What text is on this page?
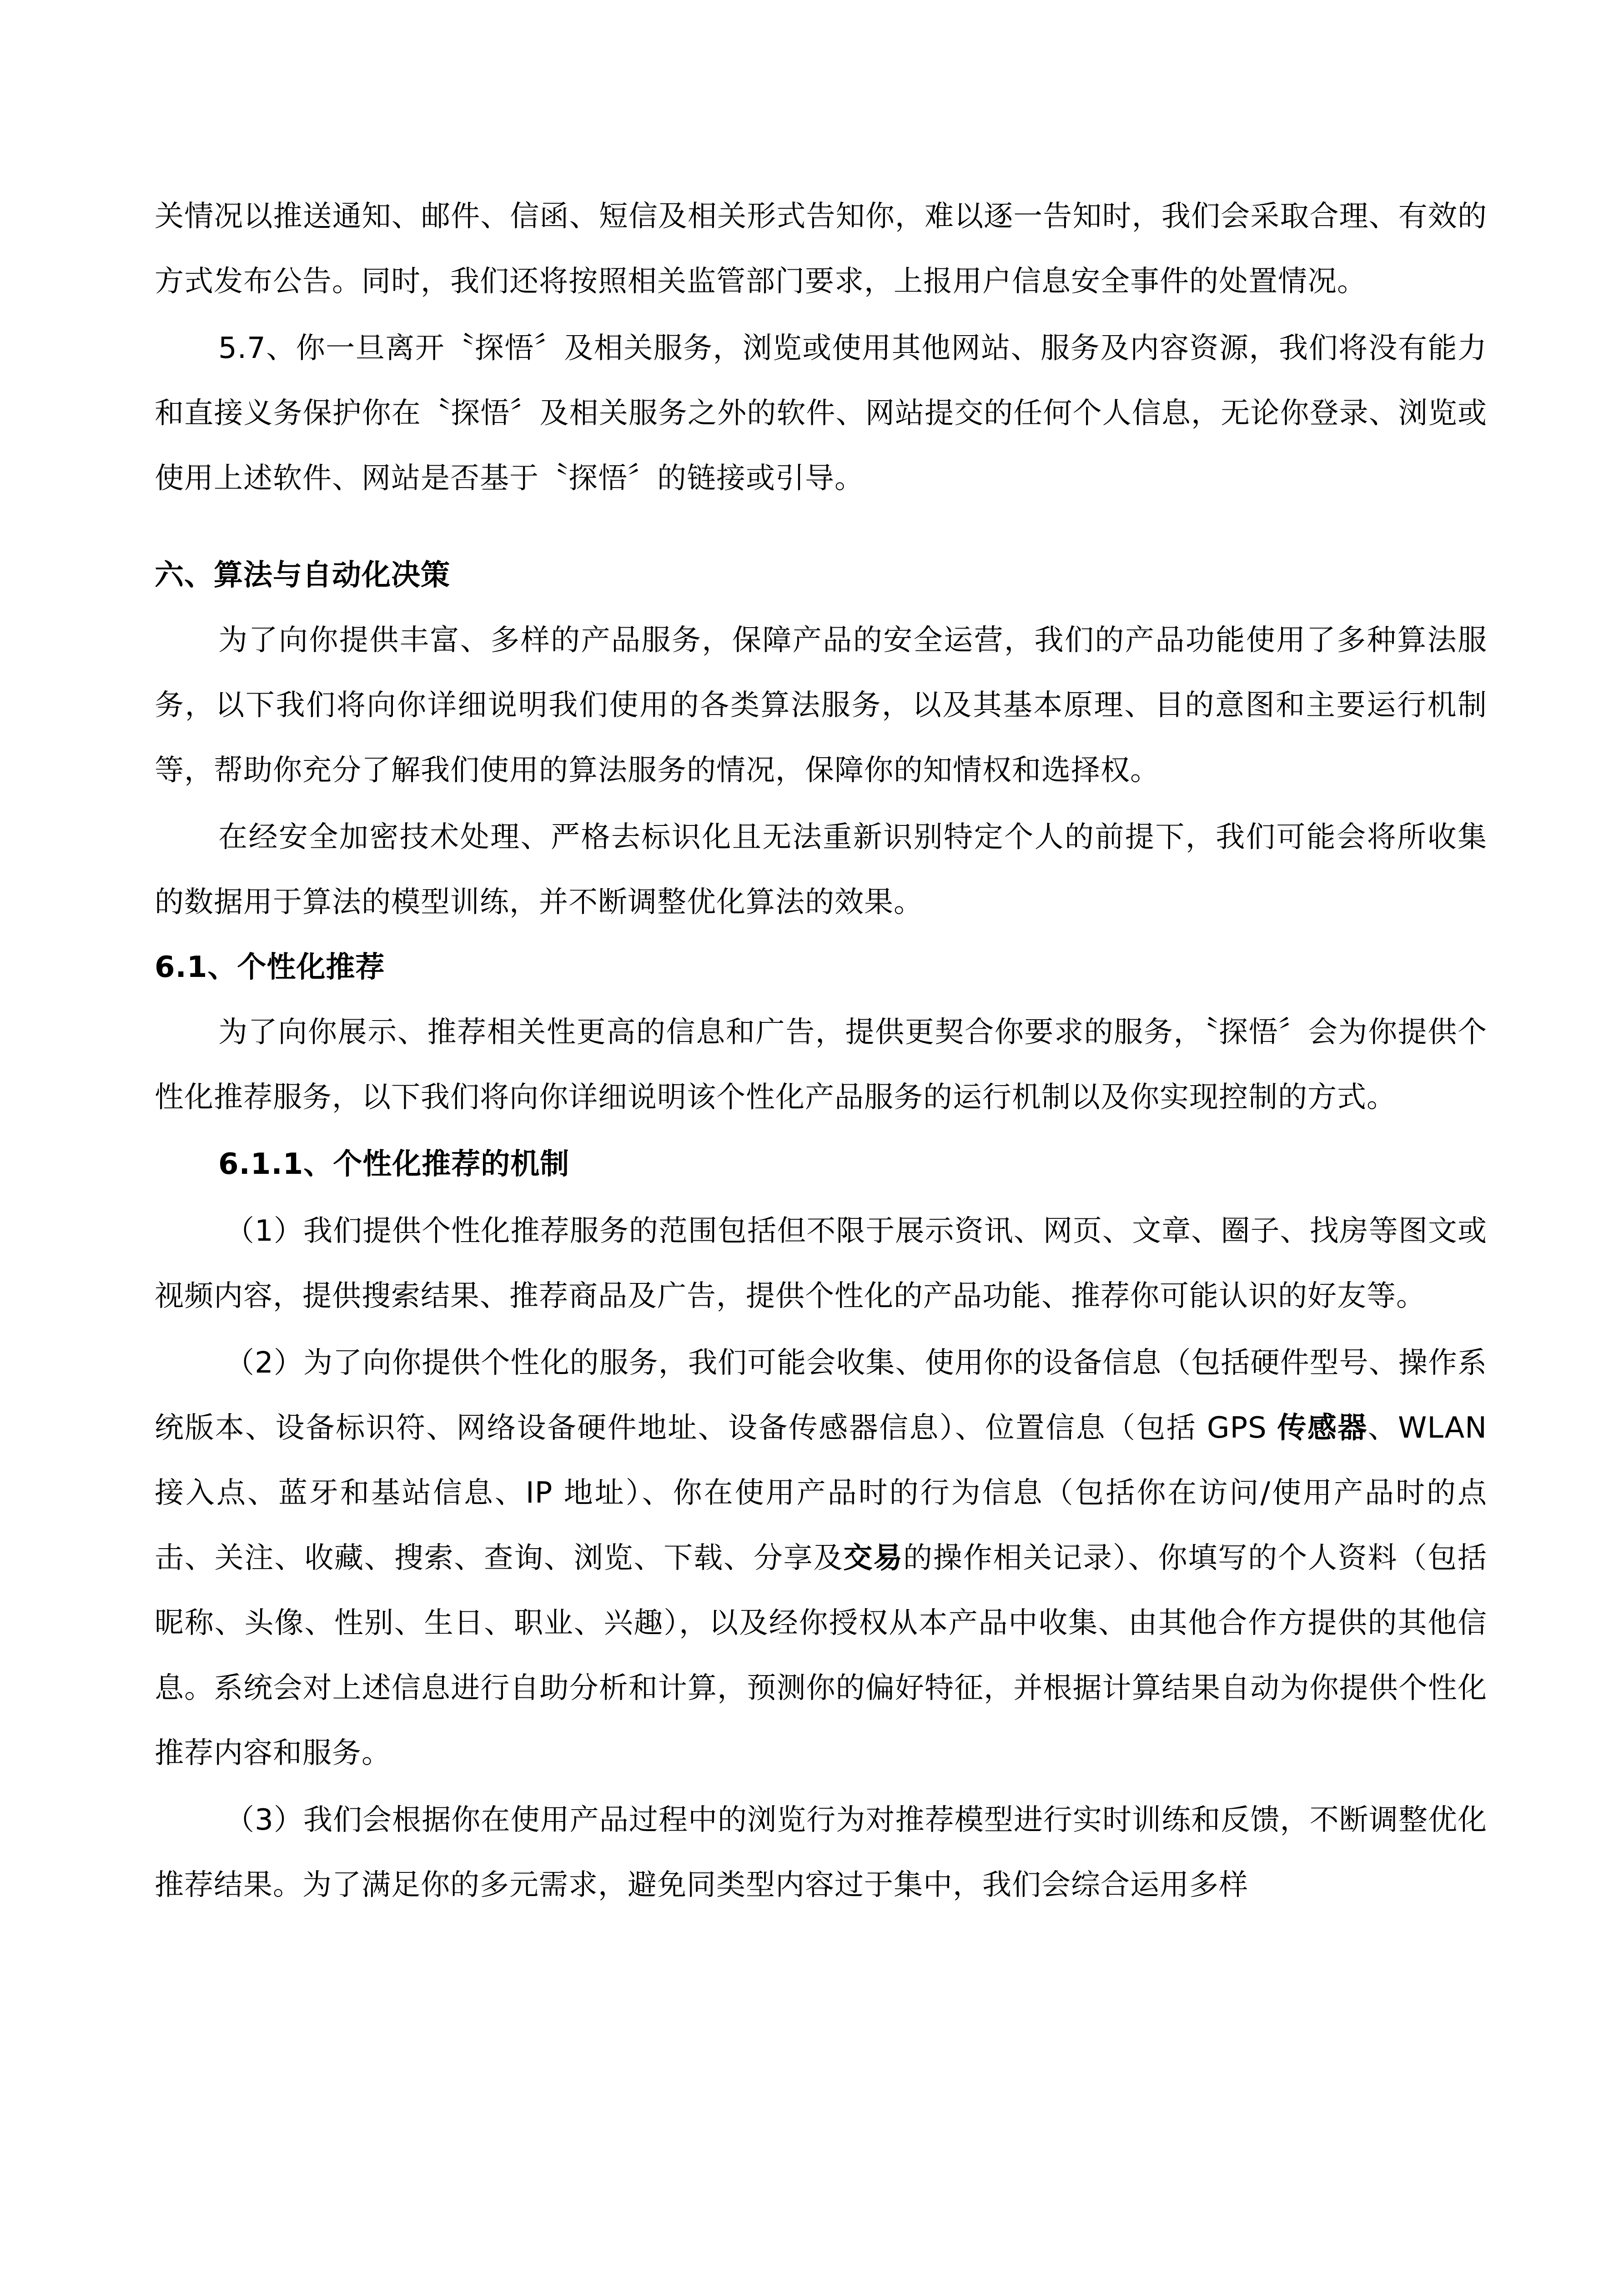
关情况以推送通知、邮件、信函、短信及相关形式告知你，难以逐一告知时，我们会采取合理、有效的方式发布公告。同时，我们还将按照相关监管部门要求，上报用户信息安全事件的处置情况。

5.7、你一旦离开〝探悟〞及相关服务，浏览或使用其他网站、服务及内容资源，我们将没有能力和直接义务保护你在〝探悟〞及相关服务之外的软件、网站提交的任何个人信息，无论你登录、浏览或使用上述软件、网站是否基于〝探悟〞的链接或引导。

六、算法与自动化决策

为了向你提供丰富、多样的产品服务，保障产品的安全运营，我们的产品功能使用了多种算法服务，以下我们将向你详细说明我们使用的各类算法服务，以及其基本原理、目的意图和主要运行机制等，帮助你充分了解我们使用的算法服务的情况，保障你的知情权和选择权。

在经安全加密技术处理、严格去标识化且无法重新识别特定个人的前提下，我们可能会将所收集的数据用于算法的模型训练，并不断调整优化算法的效果。

6.1、个性化推荐

为了向你展示、推荐相关性更高的信息和广告，提供更契合你要求的服务，〝探悟〞会为你提供个性化推荐服务，以下我们将向你详细说明该个性化产品服务的运行机制以及你实现控制的方式。

6.1.1、个性化推荐的机制

（1）我们提供个性化推荐服务的范围包括但不限于展示资讯、网页、文章、圈子、找房等图文或视频内容，提供搜索结果、推荐商品及广告，提供个性化的产品功能、推荐你可能认识的好友等。

（2）为了向你提供个性化的服务，我们可能会收集、使用你的设备信息（包括硬件型号、操作系统版本、设备标识符、网络设备硬件地址、设备传感器信息）、位置信息（包括 GPS 传感器、WLAN 接入点、蓝牙和基站信息、IP 地址）、你在使用产品时的行为信息（包括你在访问/使用产品时的点击、关注、收藏、搜索、查询、浏览、下载、分享及交易的操作相关记录）、你填写的个人资料（包括昵称、头像、性别、生日、职业、兴趣），以及经你授权从本产品中收集、由其他合作方提供的其他信息。系统会对上述信息进行自助分析和计算，预测你的偏好特征，并根据计算结果自动为你提供个性化推荐内容和服务。

（3）我们会根据你在使用产品过程中的浏览行为对推荐模型进行实时训练和反馈，不断调整优化推荐结果。为了满足你的多元需求，避免同类型内容过于集中，我们会综合运用多样
